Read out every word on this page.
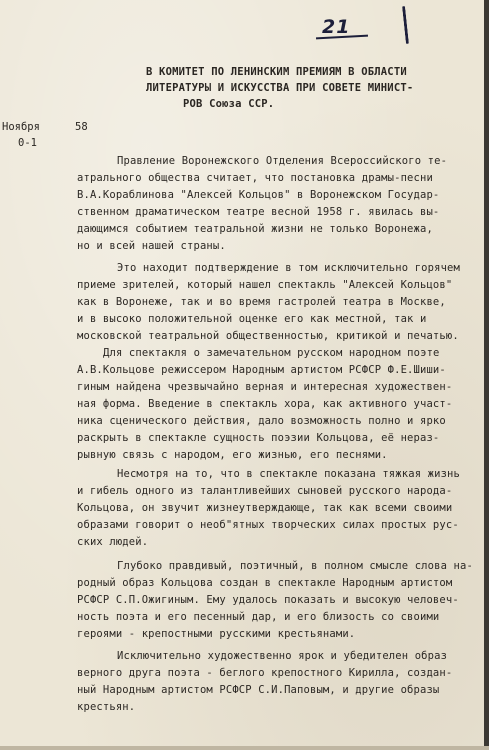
21
В КОМИТЕТ ПО ЛЕНИНСКИМ ПРЕМИЯМ В ОБЛАСТИ
ЛИТЕРАТУРЫ И ИСКУССТВА ПРИ СОВЕТЕ МИНИСТ-
РОВ Союза ССР.
Ноября	58
0-1
Правление Воронежского Отделения Всероссийского те-
атрального общества считает, что постановка драмы-песни
В.А.Кораблинова "Алексей Кольцов" в Воронежском Государ-
ственном драматическом театре весной 1958 г. явилась вы-
дающимся событием театральной жизни не только Воронежа,
но и всей нашей страны.
Это находит подтверждение в том исключительно горячем
приеме зрителей, который нашел спектакль "Алексей Кольцов"
как в Воронеже, так и во время гастролей театра в Москве,
и в высоко положительной оценке его как местной, так и
московской театральной общественностью, критикой и печатью.
Для спектакля о замечательном русском народном поэте
А.В.Кольцове режиссером Народным артистом РСФСР Ф.Е.Шиши-
гиным найдена чрезвычайно верная и интересная художествен-
ная форма. Введение в спектакль хора, как активного участ-
ника сценического действия, дало возможность полно и ярко
раскрыть в спектакле сущность поэзии Кольцова, её нераз-
рывную связь с народом, его жизнью, его песнями.
Несмотря на то, что в спектакле показана тяжкая жизнь
и гибель одного из талантливейших сыновей русского народа-
Кольцова, он звучит жизнеутверждающе, так как всеми своими
образами говорит о необ"ятных творческих силах простых рус-
ских людей.
Глубоко правдивый, поэтичный, в полном смысле слова на-
родный образ Кольцова создан в спектакле Народным артистом
РСФСР С.П.Ожигиным. Ему удалось показать и высокую человеч-
ность поэта и его песенный дар, и его близость со своими
героями - крепостными русскими крестьянами.
Исключительно художественно ярок и убедителен образ
верного друга поэта - беглого крепостного Кирилла, создан-
ный Народным артистом РСФСР С.И.Паповым, и другие образы
крестьян.
